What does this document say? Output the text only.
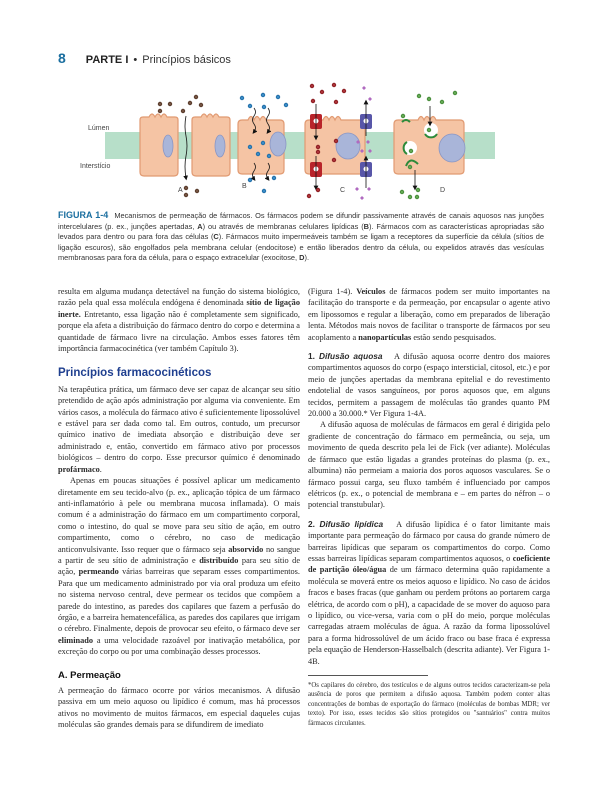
8 PARTE I • Princípios básicos
Lúmen
Interstício
A
B
C	D
FIGURA 1-4 Mecanismos de permeação de fármacos. Os fármacos podem se difundir passivamente através de canais aquosos nas junções intercelulares (p. ex., junções apertadas, A) ou através de membranas celulares lipídicas (B). Fármacos com as características apropriadas são levados para dentro ou para fora das células (C). Fármacos muito impermeáveis também se ligam a receptores da superfície da célula (sítios de ligação escuros), são engolfados pela membrana celular (endocitose) e então liberados dentro da célula, ou expelidos através das vesículas membranosas para fora da célula, para o espaço extracelular (exocitose, D).

resulta em alguma mudança detectável na função do sistema biológico, razão pela qual essa molécula endógena é denominada sítio de ligação inerte. Entretanto, essa ligação não é completamente sem significado, porque ela afeta a distribuição do fármaco dentro do corpo e determina a quantidade de fármaco livre na circulação. Ambos esses fatores têm importância farmacocinética (ver também Capítulo 3).

Princípios farmacocinéticos

Na terapêutica prática, um fármaco deve ser capaz de alcançar seu sítio pretendido de ação após administração por alguma via conveniente. Em vários casos, a molécula do fármaco ativo é suficientemente lipossolúvel e estável para ser dada como tal. Em outros, contudo, um precursor químico inativo de imediata absorção e distribuição deve ser administrado e, então, convertido em fármaco ativo por processos biológicos – dentro do corpo. Esse precursor químico é denominado profármaco.

Apenas em poucas situações é possível aplicar um medicamento diretamente em seu tecido-alvo (p. ex., aplicação tópica de um fármaco anti-inflamatório à pele ou membrana mucosa inflamada). O mais comum é a administração do fármaco em um compartimento corporal, como o intestino, do qual se move para seu sítio de ação, em outro compartimento, como o cérebro, no caso de medicação anticonvulsivante. Isso requer que o fármaco seja absorvido no sangue a partir de seu sítio de administração e distribuído para seu sítio de ação, permeando várias barreiras que separam esses compartimentos. Para que um medicamento administrado por via oral produza um efeito no sistema nervoso central, deve permear os tecidos que compõem a parede do intestino, as paredes dos capilares que fazem a perfusão do órgão, e a barreira hematencefálica, as paredes dos capilares que irrigam o cérebro. Finalmente, depois de provocar seu efeito, o fármaco deve ser eliminado a uma velocidade razoável por inativação metabólica, por excreção do corpo ou por uma combinação desses processos.

A. Permeação

A permeação do fármaco ocorre por vários mecanismos. A difusão passiva em um meio aquoso ou lipídico é comum, mas há processos ativos no movimento de muitos fármacos, em especial daqueles cujas moléculas são grandes demais para se difundirem de imediato

(Figura 1-4). Veículos de fármacos podem ser muito importantes na facilitação do transporte e da permeação, por encapsular o agente ativo em lipossomos e regular a liberação, como em preparados de liberação lenta. Métodos mais novos de facilitar o transporte de fármacos por seu acoplamento a nanopartículas estão sendo pesquisados.

1. Difusão aquosa A difusão aquosa ocorre dentro dos maiores compartimentos aquosos do corpo (espaço intersticial, citosol, etc.) e por meio de junções apertadas da membrana epitelial e do revestimento endotelial de vasos sanguíneos, por poros aquosos que, em alguns tecidos, permitem a passagem de moléculas tão grandes quanto PM 20.000 a 30.000.* Ver Figura 1-4A.

A difusão aquosa de moléculas de fármacos em geral é dirigida pelo gradiente de concentração do fármaco em permeância, ou seja, um movimento de queda descrito pela lei de Fick (ver adiante). Moléculas de fármaco que estão ligadas a grandes proteínas do plasma (p. ex., albumina) não permeiam a maioria dos poros aquosos vasculares. Se o fármaco possui carga, seu fluxo também é influenciado por campos elétricos (p. ex., o potencial de membrana e – em partes do néfron – o potencial transtubular).

2. Difusão lipídica A difusão lipídica é o fator limitante mais importante para permeação do fármaco por causa do grande número de barreiras lipídicas que separam os compartimentos do corpo. Como essas barreiras lipídicas separam compartimentos aquosos, o coeficiente de partição óleo/água de um fármaco determina quão rapidamente a molécula se moverá entre os meios aquoso e lipídico. No caso de ácidos fracos e bases fracas (que ganham ou perdem prótons ao portarem carga elétrica, de acordo com o pH), a capacidade de se mover do aquoso para o lipídico, ou vice-versa, varia com o pH do meio, porque moléculas carregadas atraem moléculas de água. A razão da forma lipossolúvel para a forma hidrossolúvel de um ácido fraco ou base fraca é expressa pela equação de Henderson-Hasselbalch (descrita adiante). Ver Figura 1-4B.

*Os capilares do cérebro, dos testículos e de alguns outros tecidos caracterizam-se pela ausência de poros que permitem a difusão aquosa. Também podem conter altas concentrações de bombas de exportação do fármaco (moléculas de bombas MDR; ver texto). Por isso, esses tecidos são sítios protegidos ou "santuários" contra muitos fármacos circulantes.
